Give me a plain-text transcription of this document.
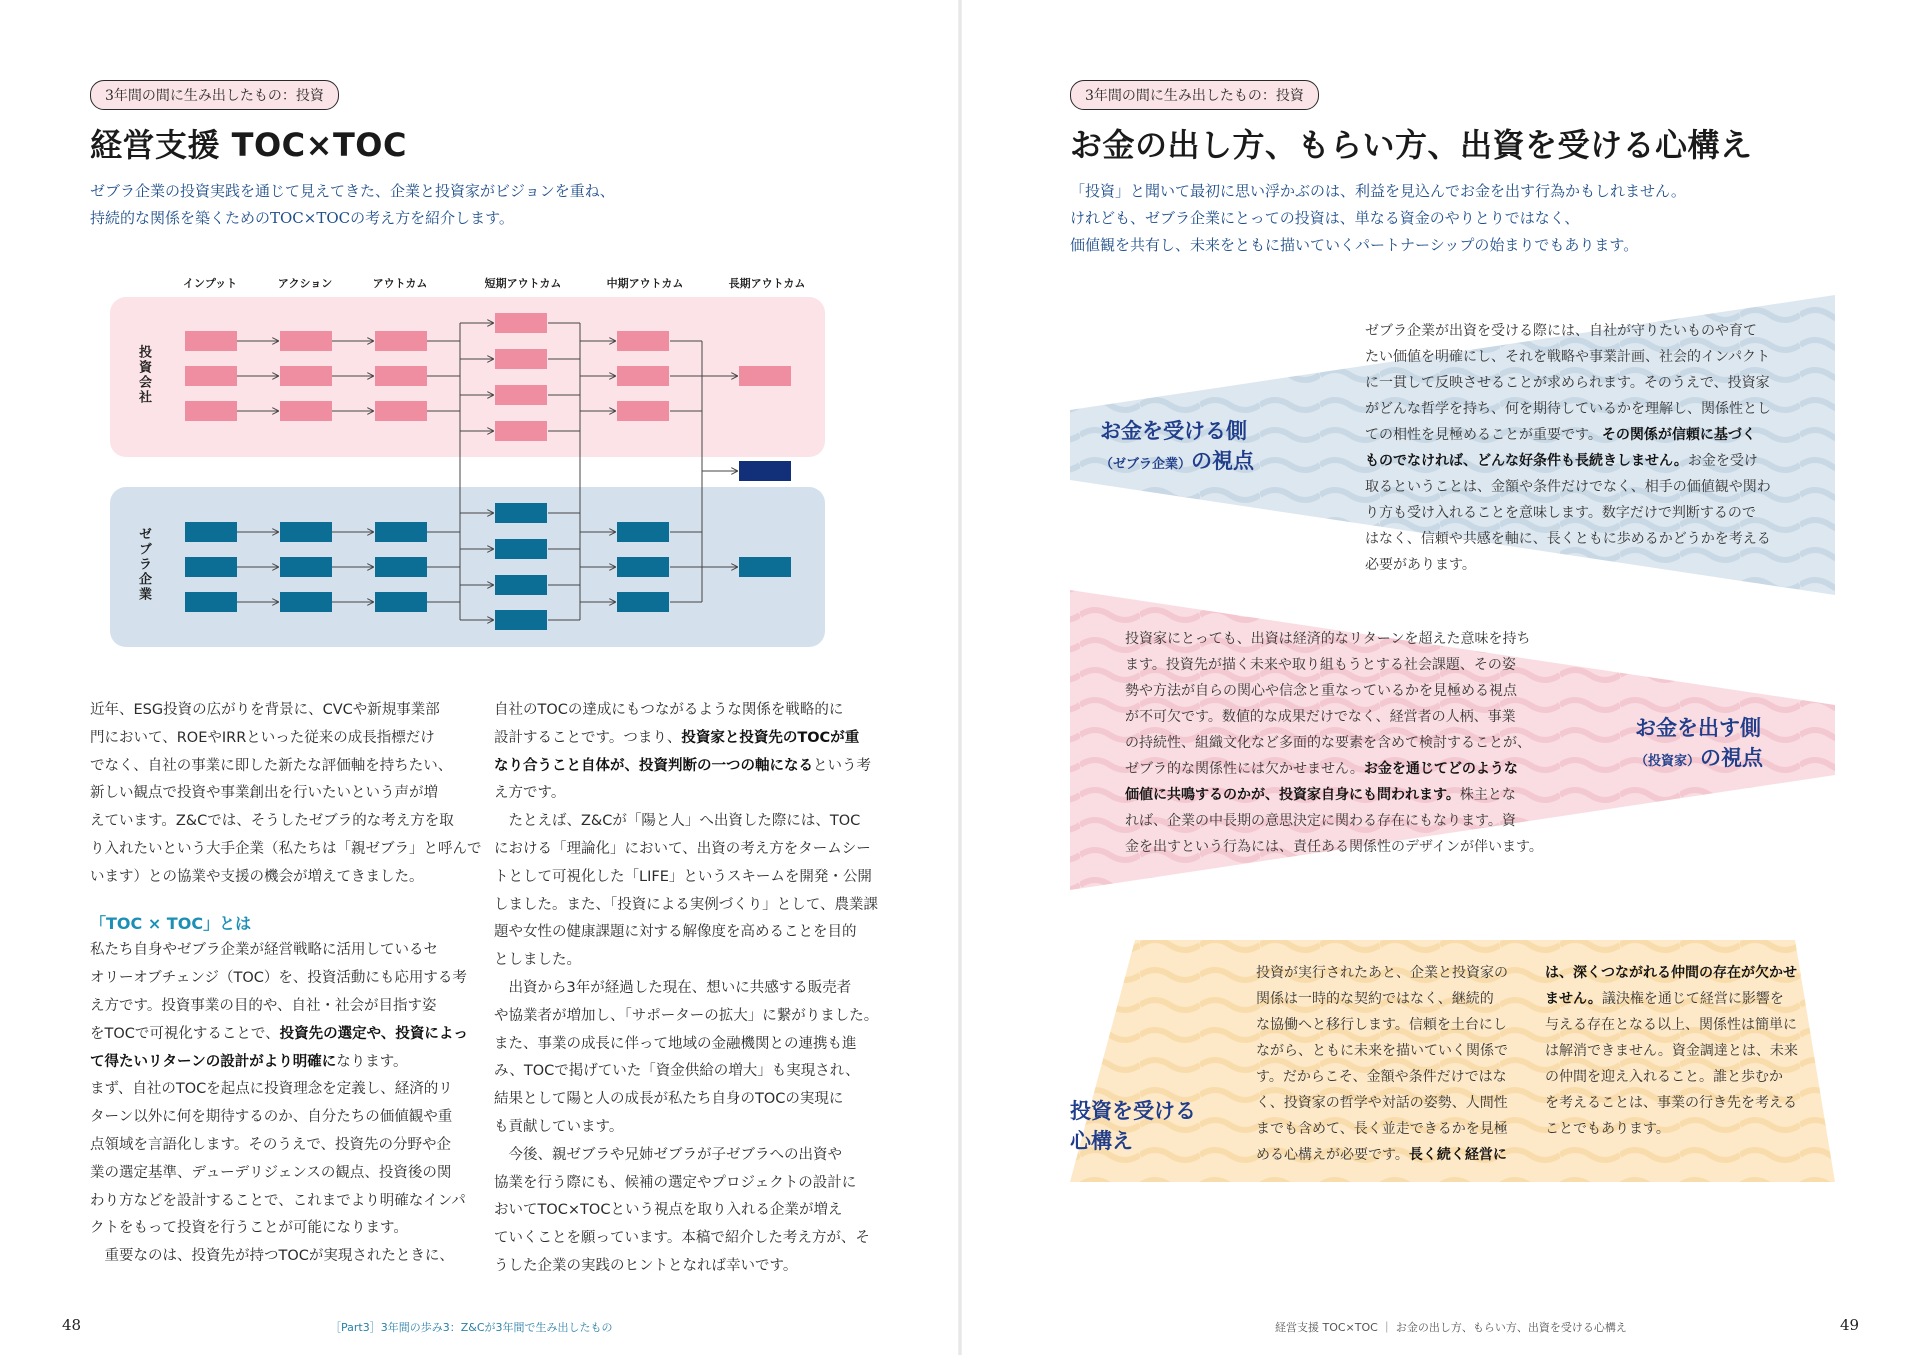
3年間の間に生み出したもの：投資
経営支援 TOC×TOC
ゼブラ企業の投資実践を通じて見えてきた、企業と投資家がビジョンを重ね、
持続的な関係を築くためのTOC×TOCの考え方を紹介します。
インプット	アクション	アウトカム	短期アウトカム	中期アウトカム	長期アウトカム
投資会社
ゼブラ企業
近年、ESG投資の広がりを背景に、CVCや新規事業部
門において、ROEやIRRといった従来の成長指標だけ
でなく、自社の事業に即した新たな評価軸を持ちたい、
新しい観点で投資や事業創出を行いたいという声が増
えています。Z&Cでは、そうしたゼブラ的な考え方を取
り入れたいという大手企業（私たちは「親ゼブラ」と呼んで
います）との協業や支援の機会が増えてきました。
「TOC × TOC」とは
私たち自身やゼブラ企業が経営戦略に活用しているセ
オリーオブチェンジ（TOC）を、投資活動にも応用する考
え方です。投資事業の目的や、自社・社会が目指す姿
をTOCで可視化することで、投資先の選定や、投資によっ
て得たいリターンの設計がより明確になります。
まず、自社のTOCを起点に投資理念を定義し、経済的リ
ターン以外に何を期待するのか、自分たちの価値観や重
点領域を言語化します。そのうえで、投資先の分野や企
業の選定基準、デューデリジェンスの観点、投資後の関
わり方などを設計することで、これまでより明確なインパ
クトをもって投資を行うことが可能になります。
　重要なのは、投資先が持つTOCが実現されたときに、
自社のTOCの達成にもつながるような関係を戦略的に
設計することです。つまり、投資家と投資先のTOCが重
なり合うこと自体が、投資判断の一つの軸になるという考
え方です。
　たとえば、Z&Cが「陽と人」へ出資した際には、TOC
における「理論化」において、出資の考え方をタームシー
トとして可視化した「LIFE」というスキームを開発・公開
しました。また、「投資による実例づくり」として、農業課
題や女性の健康課題に対する解像度を高めることを目的
としました。
　出資から3年が経過した現在、想いに共感する販売者
や協業者が増加し、「サポーターの拡大」に繋がりました。
また、事業の成長に伴って地域の金融機関との連携も進
み、TOCで掲げていた「資金供給の増大」も実現され、
結果として陽と人の成長が私たち自身のTOCの実現に
も貢献しています。
　今後、親ゼブラや兄姉ゼブラが子ゼブラへの出資や
協業を行う際にも、候補の選定やプロジェクトの設計に
おいてTOC×TOCという視点を取り入れる企業が増え
ていくことを願っています。本稿で紹介した考え方が、そ
うした企業の実践のヒントとなれば幸いです。
48	［Part3］3年間の歩み3：Z&Cが3年間で生み出したもの
3年間の間に生み出したもの：投資
お金の出し方、もらい方、出資を受ける心構え
「投資」と聞いて最初に思い浮かぶのは、利益を見込んでお金を出す行為かもしれません。
けれども、ゼブラ企業にとっての投資は、単なる資金のやりとりではなく、
価値観を共有し、未来をともに描いていくパートナーシップの始まりでもあります。
お金を受ける側
（ゼブラ企業）の視点
ゼブラ企業が出資を受ける際には、自社が守りたいものや育て
たい価値を明確にし、それを戦略や事業計画、社会的インパクト
に一貫して反映させることが求められます。そのうえで、投資家
がどんな哲学を持ち、何を期待しているかを理解し、関係性とし
ての相性を見極めることが重要です。その関係が信頼に基づく
ものでなければ、どんな好条件も長続きしません。お金を受け
取るということは、金額や条件だけでなく、相手の価値観や関わ
り方も受け入れることを意味します。数字だけで判断するので
はなく、信頼や共感を軸に、長くともに歩めるかどうかを考える
必要があります。
投資家にとっても、出資は経済的なリターンを超えた意味を持ち
ます。投資先が描く未来や取り組もうとする社会課題、その姿
勢や方法が自らの関心や信念と重なっているかを見極める視点
が不可欠です。数値的な成果だけでなく、経営者の人柄、事業
の持続性、組織文化など多面的な要素を含めて検討することが、
ゼブラ的な関係性には欠かせません。お金を通じてどのような
価値に共鳴するのかが、投資家自身にも問われます。株主とな
れば、企業の中長期の意思決定に関わる存在にもなります。資
金を出すという行為には、責任ある関係性のデザインが伴います。
お金を出す側
（投資家）の視点
投資を受ける
心構え
投資が実行されたあと、企業と投資家の
関係は一時的な契約ではなく、継続的
な協働へと移行します。信頼を土台にし
ながら、ともに未来を描いていく関係で
す。だからこそ、金額や条件だけではな
く、投資家の哲学や対話の姿勢、人間性
までも含めて、長く並走できるかを見極
める心構えが必要です。長く続く経営に
は、深くつながれる仲間の存在が欠かせ
ません。議決権を通じて経営に影響を
与える存在となる以上、関係性は簡単に
は解消できません。資金調達とは、未来
の仲間を迎え入れること。誰と歩むか
を考えることは、事業の行き先を考える
ことでもあります。
経営支援 TOC×TOC ｜ お金の出し方、もらい方、出資を受ける心構え	49
